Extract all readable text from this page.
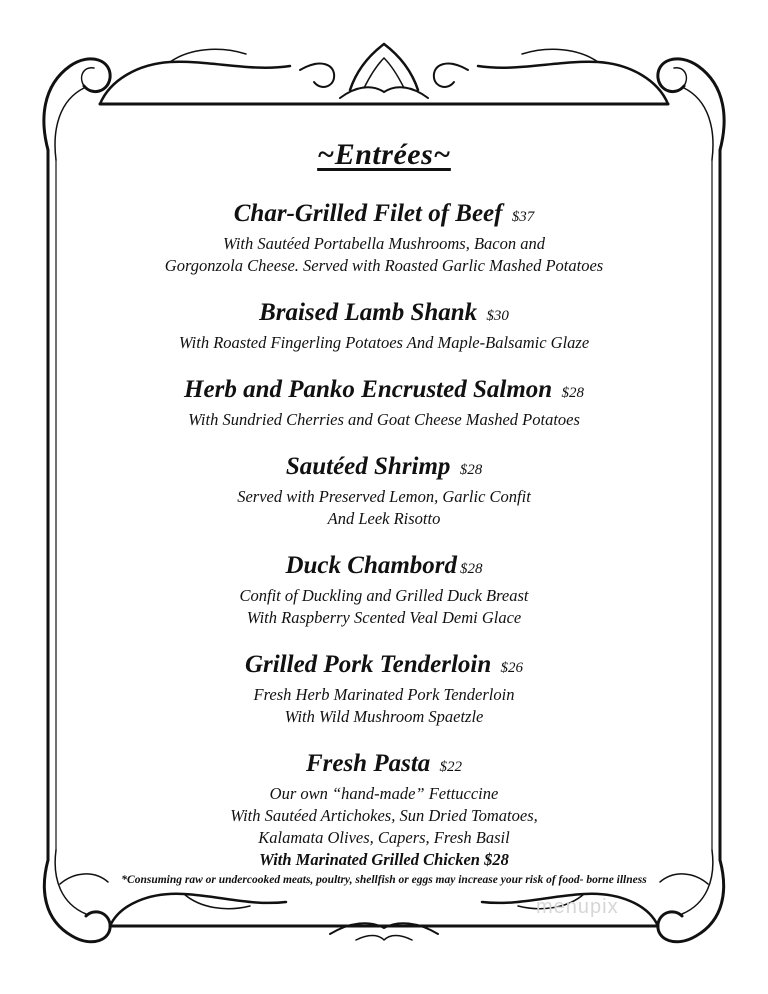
~Entrées~
Char-Grilled Filet of Beef $37
With Sautéed Portabella Mushrooms, Bacon and
Gorgonzola Cheese. Served with Roasted Garlic Mashed Potatoes
Braised Lamb Shank $30
With Roasted Fingerling Potatoes And Maple-Balsamic Glaze
Herb and Panko Encrusted Salmon $28
With Sundried Cherries and Goat Cheese Mashed Potatoes
Sautéed Shrimp $28
Served with Preserved Lemon, Garlic Confit
And Leek Risotto
Duck Chambord $28
Confit of Duckling and Grilled Duck Breast
With Raspberry Scented Veal Demi Glace
Grilled Pork Tenderloin $26
Fresh Herb Marinated Pork Tenderloin
With Wild Mushroom Spaetzle
Fresh Pasta $22
Our own “hand-made” Fettuccine
With Sautéed Artichokes, Sun Dried Tomatoes,
Kalamata Olives, Capers, Fresh Basil
With Marinated Grilled Chicken $28
*Consuming raw or undercooked meats, poultry, shellfish or eggs may increase your risk of food- borne illness
menupix
